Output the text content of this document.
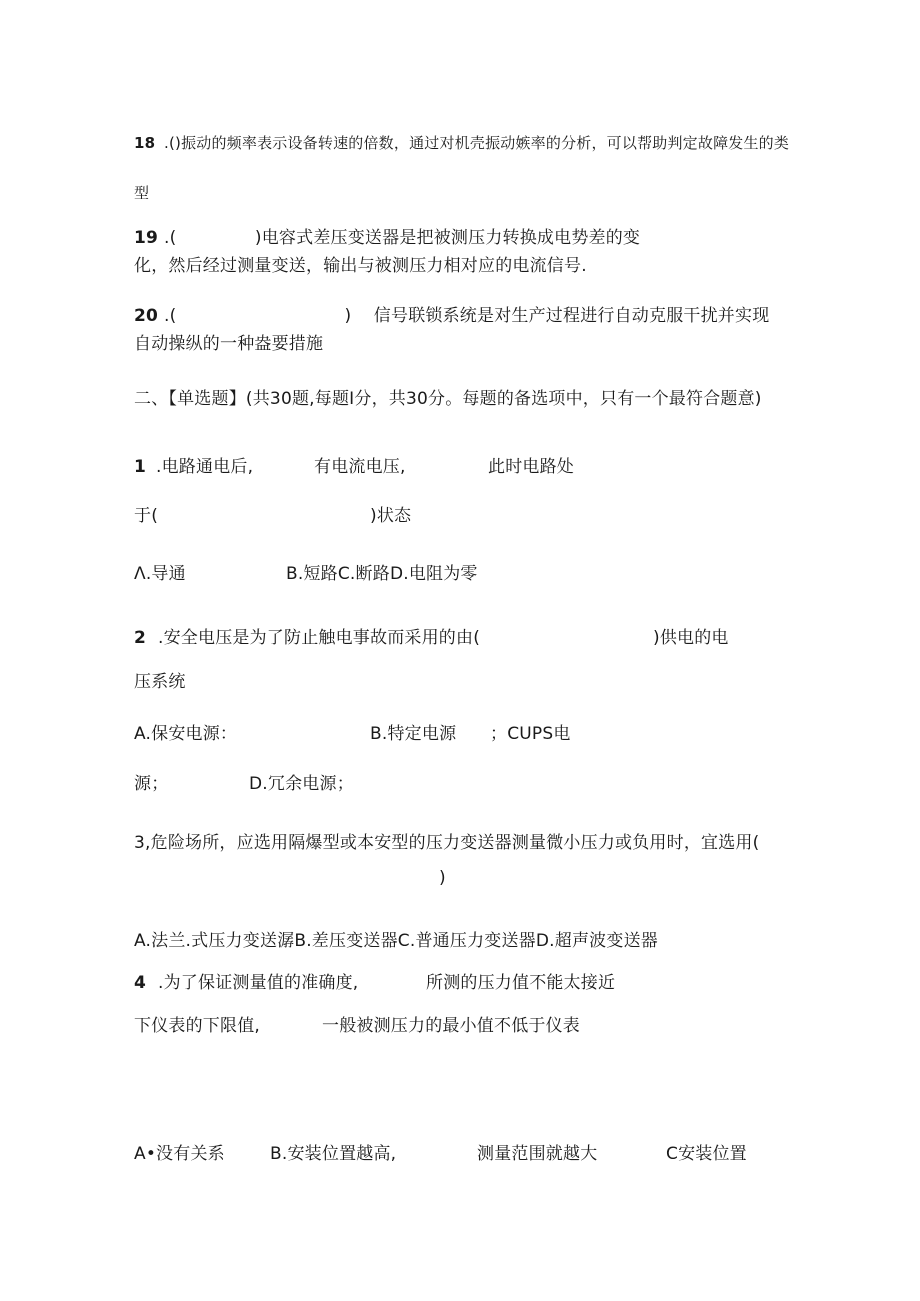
18 .()振动的频率表示设备转速的倍数，通过对机壳振动嫉率的分析，可以帮助判定故障发生的类
型
19 .(              )电容式差压变送器是把被测压力转换成电势差的变
化，然后经过测量变送，输出与被测压力相对应的电流信号.
20 .(                              )    信号联锁系统是对生产过程进行自动克服干扰并实现
自动操纵的一种盎要措施
二、【单选题】(共30题,每题I分，共30分。每题的备选项中，只有一个最符合题意)
1 .电路通电后,	有电流电压,	此时电路处
于(	)状态
Λ.导通	B.短路C.断路D.电阻为零
2 .安全电压是为了防止触电事故而采用的由(	)供电的电
压系统
A.保安电源：	B.特定电源 ；CUPS电
源；	D.冗余电源；
3,危险场所，应选用隔爆型或本安型的压力变送器测量微小压力或负用时，宜选用(
)
A.法兰.式压力变送潺B.差压变送器C.普通压力变送器D.超声波变送器
4 .为了保证测量值的准确度,	所测的压力值不能太接近
下仪表的下限值,	一般被测压力的最小值不低于仪表
A•没有关系	B.安装位置越高,	测量范围就越大	C安装位置
